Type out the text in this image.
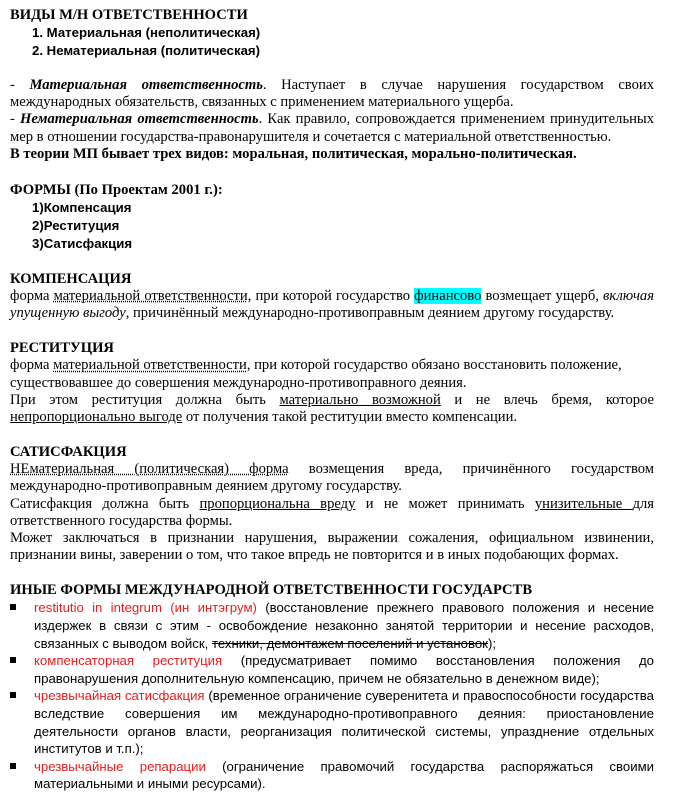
ВИДЫ М/Н ОТВЕТСТВЕННОСТИ
1. Материальная (неполитическая)
2. Нематериальная (политическая)
- Материальная ответственность. Наступает в случае нарушения государством своих международных обязательств, связанных с применением материального ущерба.
- Нематериальная ответственность. Как правило, сопровождается применением принудительных мер в отношении государства-правонарушителя и сочетается с материальной ответственностью.
В теории МП бывает трех видов: моральная, политическая, морально-политическая.
ФОРМЫ (По Проектам 2001 г.):
1)Компенсация
2)Реституция
3)Сатисфакция
КОМПЕНСАЦИЯ
форма материальной ответственности, при которой государство финансово возмещает ущерб, включая упущенную выгоду, причинённый международно-противоправным деянием другому государству.
РЕСТИТУЦИЯ
форма материальной ответственности, при которой государство обязано восстановить положение, существовавшее до совершения международно-противоправного деяния.
При этом реституция должна быть материально возможной и не влечь бремя, которое непропорционально выгоде от получения такой реституции вместо компенсации.
САТИСФАКЦИЯ
НЕматериальная (политическая) форма возмещения вреда, причинённого государством международно-противоправным деянием другому государству.
Сатисфакция должна быть пропорциональна вреду и не может принимать унизительные для ответственного государства формы.
Может заключаться в признании нарушения, выражении сожаления, официальном извинении, признании вины, заверении о том, что такое впредь не повторится и в иных подобающих формах.
ИНЫЕ ФОРМЫ МЕЖДУНАРОДНОЙ ОТВЕТСТВЕННОСТИ ГОСУДАРСТВ
restitutio in integrum (ин интэгрум) (восстановление прежнего правового положения и несение издержек в связи с этим - освобождение незаконно занятой территории и несение расходов, связанных с выводом войск, техники, демонтажем поселений и установок);
компенсаторная реституция (предусматривает помимо восстановления положения до правонарушения дополнительную компенсацию, причем не обязательно в денежном виде);
чрезвычайная сатисфакция (временное ограничение суверенитета и правоспособности государства вследствие совершения им международно-противоправного деяния: приостановление деятельности органов власти, реорганизация политической системы, упразднение отдельных институтов и т.п.);
чрезвычайные репарации (ограничение правомочий государства распоряжаться своими материальными и иными ресурсами).
